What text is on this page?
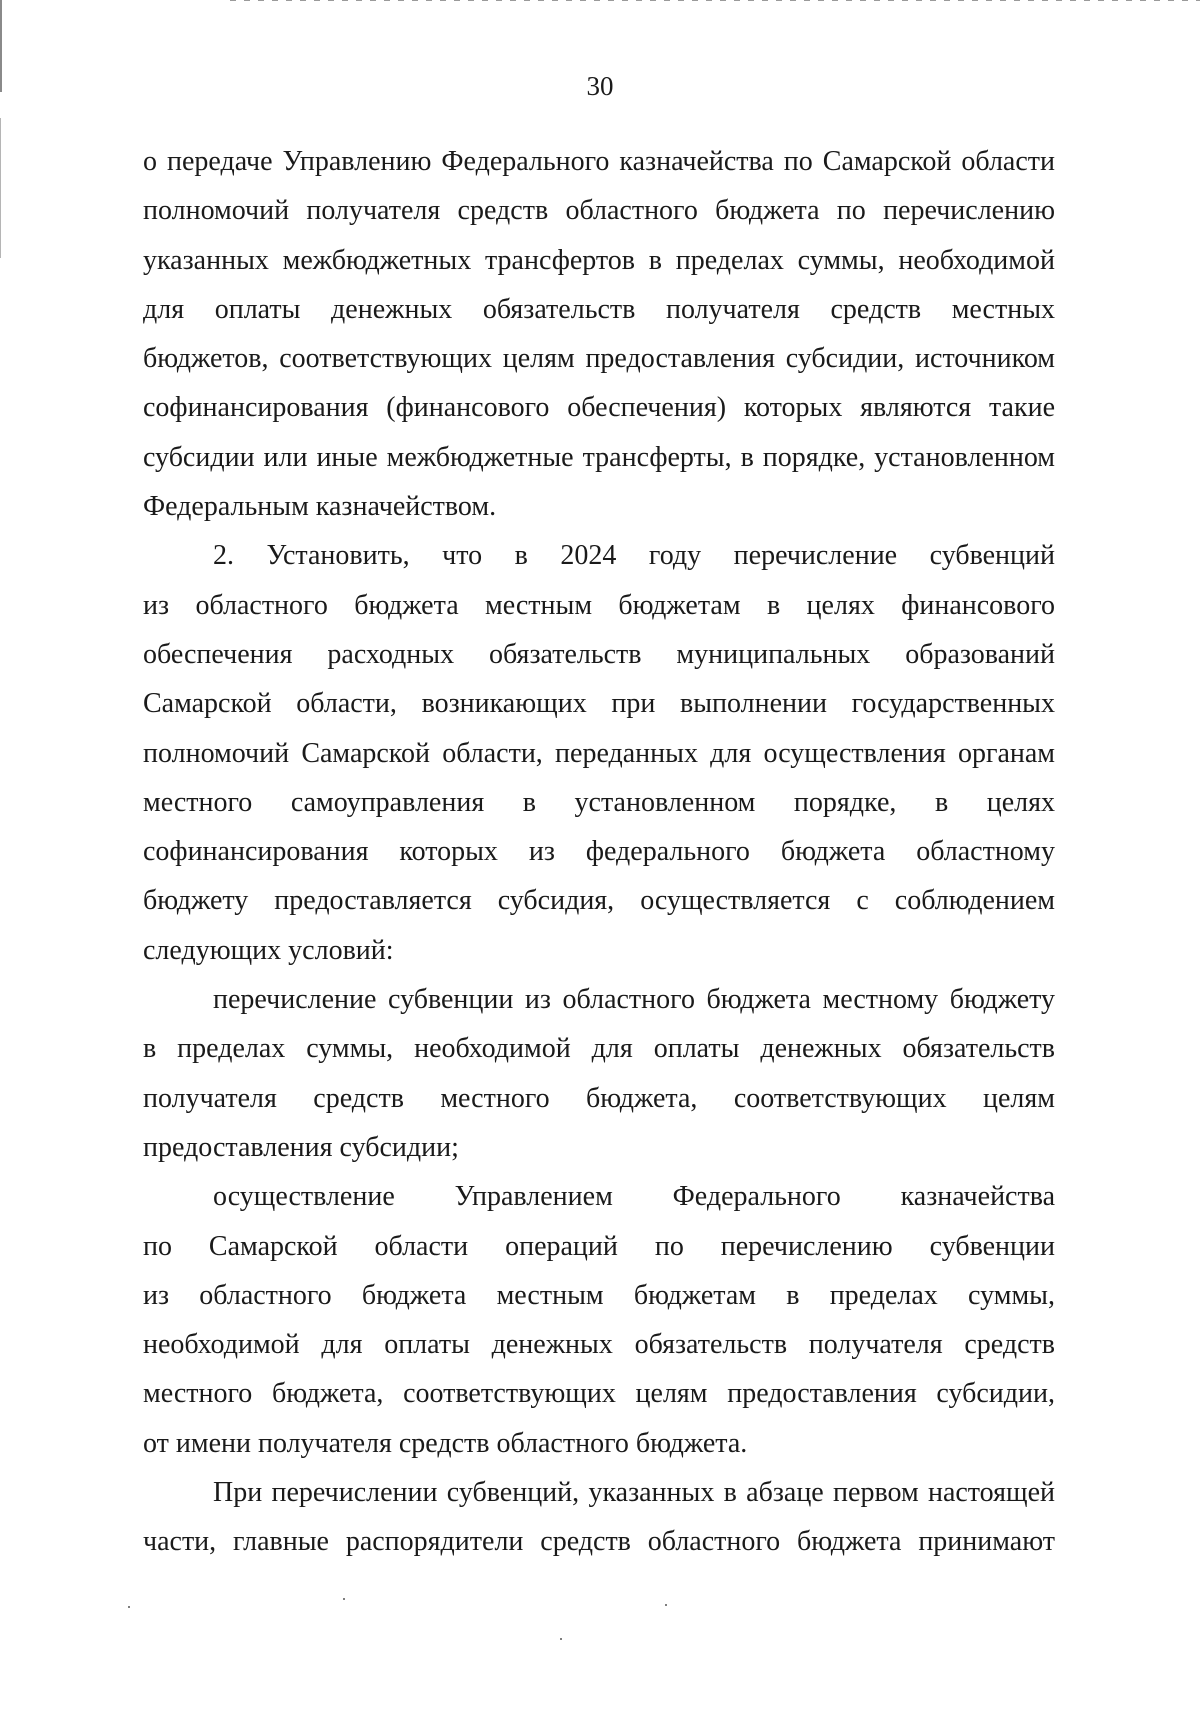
30
о передаче Управлению Федерального казначейства по Самарской области
полномочий получателя средств областного бюджета по перечислению
указанных межбюджетных трансфертов в пределах суммы, необходимой
для оплаты денежных обязательств получателя средств местных
бюджетов, соответствующих целям предоставления субсидии, источником
софинансирования (финансового обеспечения) которых являются такие
субсидии или иные межбюджетные трансферты, в порядке, установленном
Федеральным казначейством.
2. Установить, что в 2024 году перечисление субвенций
из областного бюджета местным бюджетам в целях финансового
обеспечения расходных обязательств муниципальных образований
Самарской области, возникающих при выполнении государственных
полномочий Самарской области, переданных для осуществления органам
местного самоуправления в установленном порядке, в целях
софинансирования которых из федерального бюджета областному
бюджету предоставляется субсидия, осуществляется с соблюдением
следующих условий:
перечисление субвенции из областного бюджета местному бюджету
в пределах суммы, необходимой для оплаты денежных обязательств
получателя средств местного бюджета, соответствующих целям
предоставления субсидии;
осуществление Управлением Федерального казначейства
по Самарской области операций по перечислению субвенции
из областного бюджета местным бюджетам в пределах суммы,
необходимой для оплаты денежных обязательств получателя средств
местного бюджета, соответствующих целям предоставления субсидии,
от имени получателя средств областного бюджета.
При перечислении субвенций, указанных в абзаце первом настоящей
части, главные распорядители средств областного бюджета принимают
